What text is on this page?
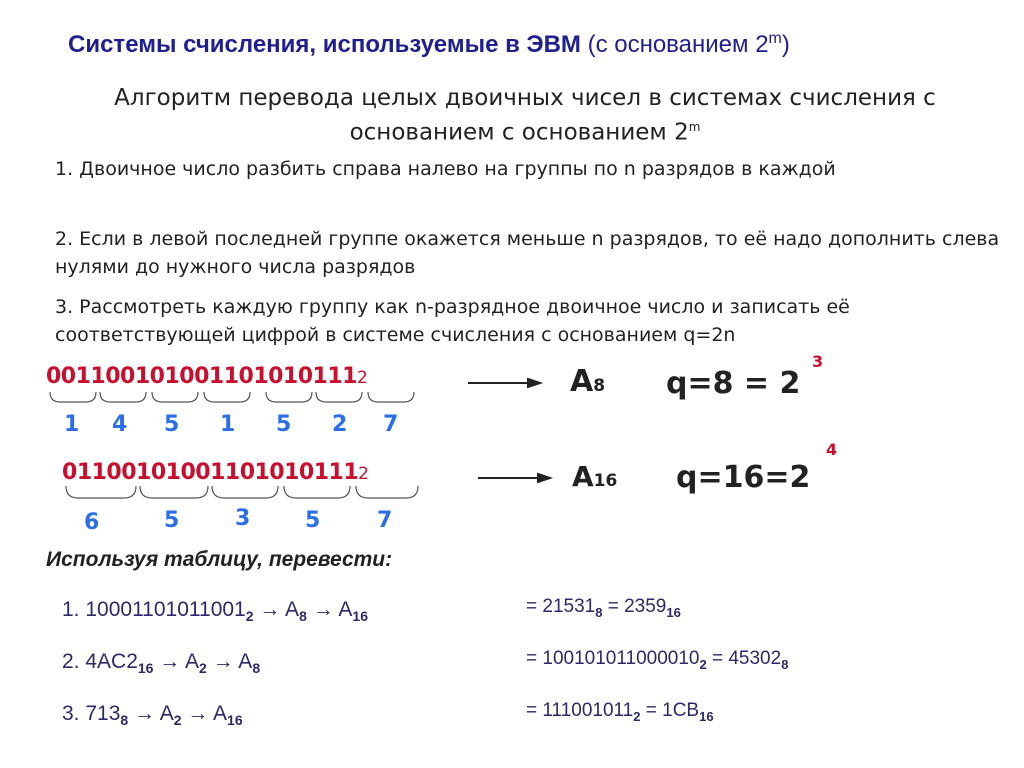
Системы счисления, используемые в ЭВМ (с основанием 2$^m$)
Алгоритм перевода целых двоичных чисел в системах счисления с
основанием с основанием 2$^m$
1. Двоичное число разбить справа налево на группы по n разрядов в каждой
2. Если в левой последней группе окажется меньше n разрядов, то её надо дополнить слева нулями до нужного числа разрядов
3. Рассмотреть каждую группу как n-разрядное двоичное число и записать её соответствующей цифрой в системе счисления с основанием q=2n
0011001010011010101112
1 4 5 1 5 2 7
A8 q=8 = 2
3
011001010011010101112
6	5	3 5	7
A16 q=16=2
4
Используя таблицу, перевести:
1. $10001101011001_2 \to A_8 \to A_{16}$
2. $4AC2_{16} \to A_2 \to A_8$
3. $713_8 \to A_2 \to A_{16}$
= $21531_8 = 2359_{16}$
= $100101011000010_2 = 45302_8$
= $111001011_2 = 1CB_{16}$
